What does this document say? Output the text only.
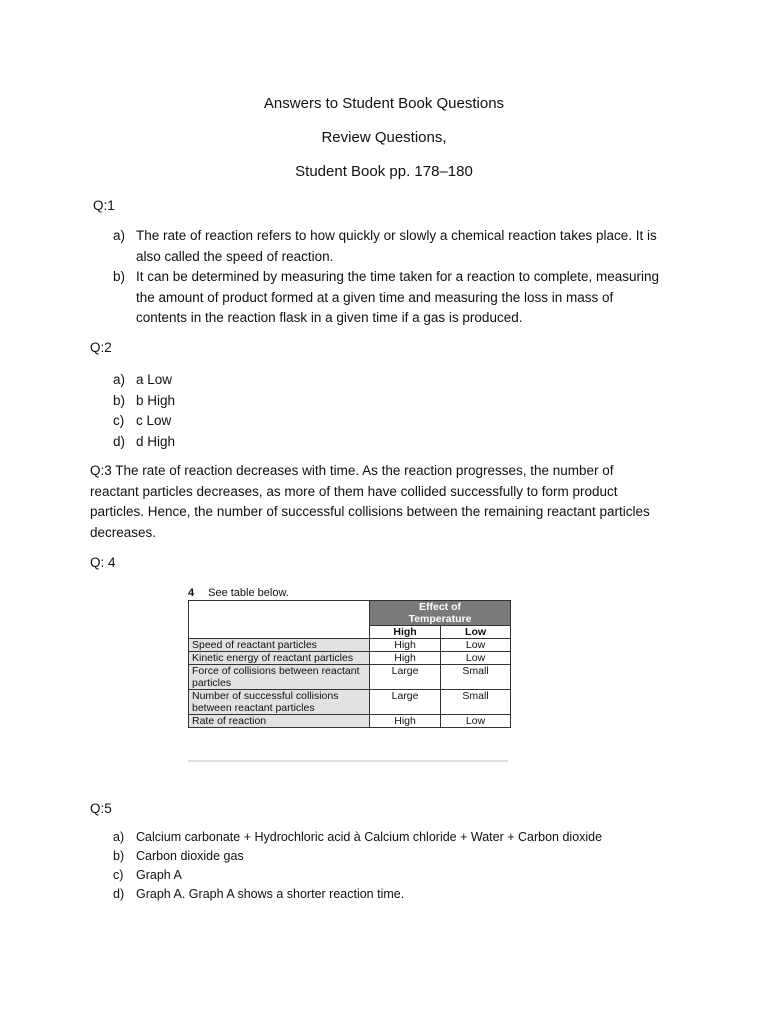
Answers to Student Book Questions
Review Questions,
Student Book pp. 178–180
Q:1
a) The rate of reaction refers to how quickly or slowly a chemical reaction takes place. It is
also called the speed of reaction.
b) It can be determined by measuring the time taken for a reaction to complete, measuring
the amount of product formed at a given time and measuring the loss in mass of
contents in the reaction flask in a given time if a gas is produced.
Q:2
a) a Low
b) b High
c) c Low
d) d High
Q:3 The rate of reaction decreases with time. As the reaction progresses, the number of
reactant particles decreases, as more of them have collided successfully to form product
particles. Hence, the number of successful collisions between the remaining reactant particles
decreases.
Q: 4
4 See table below.

	Effect of
Temperature	

	High	Low
Speed of reactant particles	High	Low
Kinetic energy of reactant particles	High	Low
Force of collisions between reactant particles	Large	Small
Number of successful collisions between reactant particles	Large	Small
Rate of reaction	High	Low
Q:5
a) Calcium carbonate + Hydrochloric acid à Calcium chloride + Water + Carbon dioxide
b) Carbon dioxide gas
c) Graph A
d) Graph A. Graph A shows a shorter reaction time.
